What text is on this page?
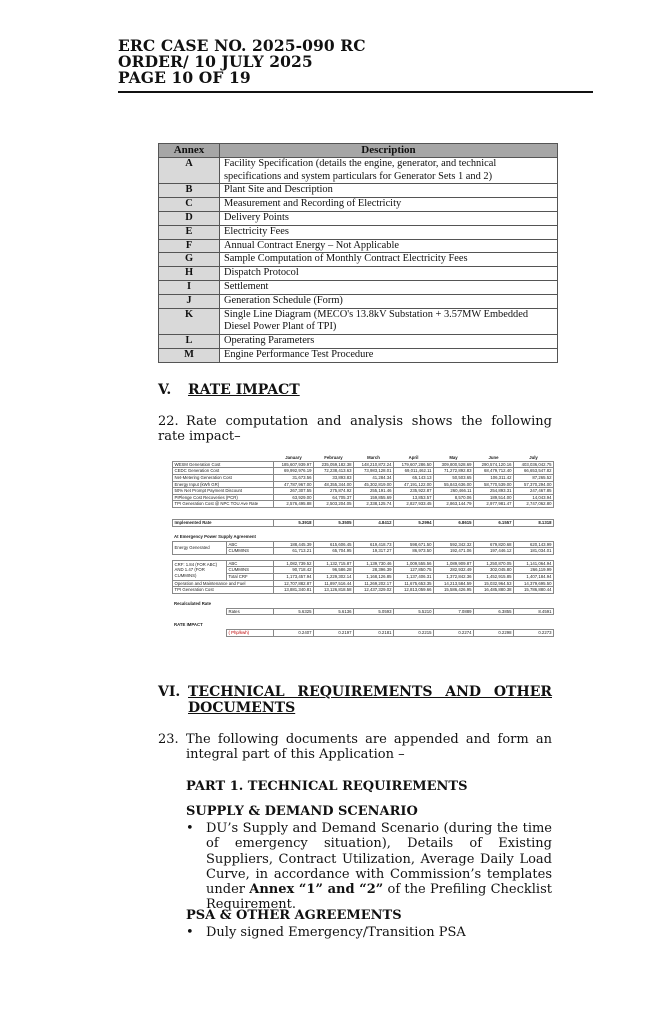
ERC CASE NO. 2025-090 RC
ORDER/ 10 JULY 2025
PAGE 10 OF 19
Annex	Description
A	Facility Specification (details the engine, generator, and technical specifications and system particulars for Generator Sets 1 and 2)
B	Plant Site and Description
C	Measurement and Recording of Electricity
D	Delivery Points
E	Electricity Fees
F	Annual Contract Energy – Not Applicable
G	Sample Computation of Monthly Contract Electricity Fees
H	Dispatch Protocol
I	Settlement
J	Generation Schedule (Form)
K	Single Line Diagram (MECO's 13.8kV Substation + 3.57MW Embedded Diesel Power Plant of TPI)
L	Operating Parameters
M	Engine Performance Test Procedure
V. RATE IMPACT
22. Rate computation and analysis shows the following rate impact–
		January	February	March	April	May	June	July
WESM Generation Cost		185,607,939.97	235,059,182.38	148,210,872.24	179,607,286.50	309,800,528.69	290,574,120.16	403,036,042.75
CEDC Generation Cost		69,992,976.19	72,238,413.63	73,983,128.01	69,011,462.11	71,272,892.83	68,479,712.40	66,653,547.82
Net-Metering Generation Cost		31,673.56	33,893.83	41,284.34	65,143.13	50,503.65	106,311.42	87,265.52
Energy Input (kWh GR)		47,787,967.00	48,355,344.00	45,302,819.00	47,191,122.00	55,843,636.00	58,770,539.00	57,370,294.00
50% Net Prompt Payment Discount		267,307.55	275,874.92	255,191.46	235,922.87	260,466.11	254,893.31	247,467.85
PIPlenge Cost Recoveries (PCR)		63,929.00	64,705.37	159,855.69	13,853.57	8,570.06	189,514.00	14,043.94
TPI Generation Cost @ NPC TOU Ave Rate		2,576,495.88	2,503,204.05	2,338,125.74	2,827,933.45	2,863,144.79	2,977,981.47	2,747,062.80

Implemented Rate		5.3918	5.3505	4.8412	5.2994	6.8615	6.1557	8.1318

At Emergency Power Supply Agreement								
Energy Generated	ABC	188,445.39	615,606.45	619,418.73	598,671.50	592,342.32	679,820.68	620,143.99
	CUMMINS	61,713.21	65,704.95	19,317.27	86,973.50	192,471.06	197,446.12	181,034.01

CRF: 1.84 (FOR ABC) AND 1.47 (FOR CUMMINS)	ABC	1,082,739.52	1,132,715.87	1,139,730.46	1,009,555.56	1,089,909.87	1,250,870.05	1,141,064.94
	CUMMINS	90,718.42	96,586.28	28,396.39	127,850.75	282,932.49	302,045.80	266,119.99
	Total CRF	1,173,457.94	1,229,302.14	1,168,126.85	1,137,406.31	1,372,842.36	1,452,915.85	1,407,184.94
Operation and Maintenance and Fuel		12,707,882.87	11,897,516.44	11,269,202.17	11,675,653.35	14,213,584.59	15,032,964.53	14,379,695.50
TPI Generation Cost		13,881,340.81	13,126,818.58	12,437,329.02	12,813,059.66	15,586,426.95	16,485,880.38	15,786,880.44

Recalculated Rate								
	Rates	5.6325	5.6136	5.0593	5.5210	7.0889	6.3855	8.4591

RATE IMPACT								
	( Php/kwh)	0.2407	0.2197	0.2181	0.2215	0.2274	0.2298	0.2273
VI. TECHNICAL REQUIREMENTS AND OTHER
DOCUMENTS
23. The following documents are appended and form an integral part of this Application –
PART 1. TECHNICAL REQUIREMENTS
SUPPLY & DEMAND SCENARIO
• DU’s Supply and Demand Scenario (during the time of emergency situation), Details of Existing Suppliers, Contract Utilization, Average Daily Load Curve, in accordance with Commission’s templates under Annex “1” and “2” of the Prefiling Checklist Requirement.
PSA & OTHER AGREEMENTS
• Duly signed Emergency/Transition PSA
